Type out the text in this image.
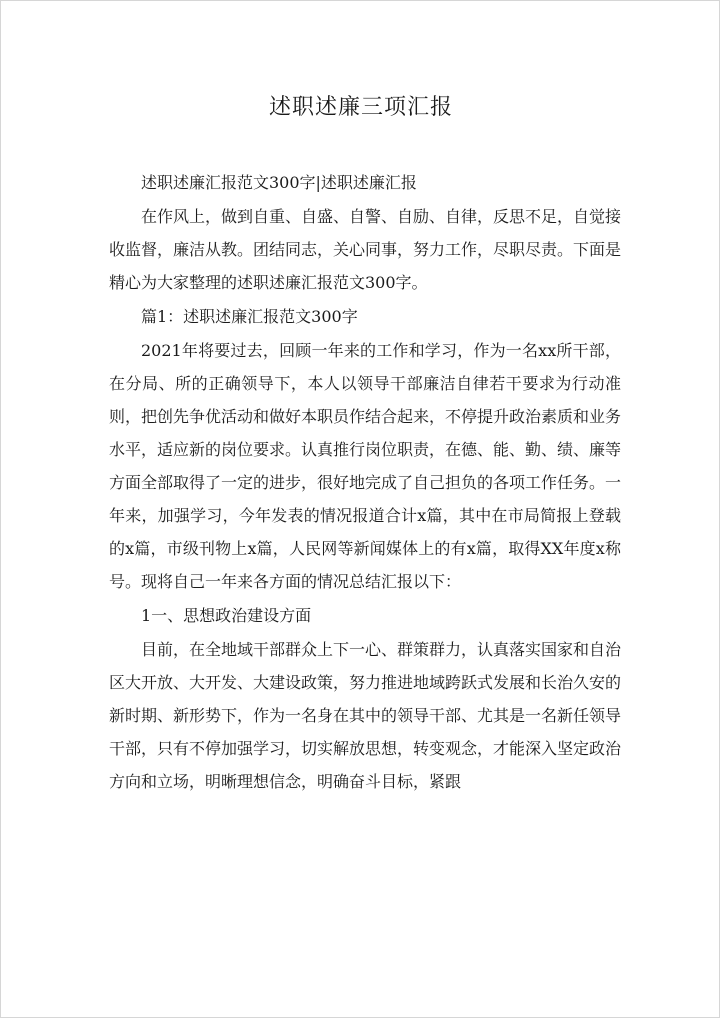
述职述廉三项汇报

述职述廉汇报范文300字|述职述廉汇报

在作风上，做到自重、自盛、自警、自励、自律，反思不足，自觉接收监督，廉洁从教。团结同志，关心同事，努力工作，尽职尽责。下面是精心为大家整理的述职述廉汇报范文300字。

篇1：述职述廉汇报范文300字

2021年将要过去，回顾一年来的工作和学习，作为一名xx所干部，在分局、所的正确领导下，本人以领导干部廉洁自律若干要求为行动准则，把创先争优活动和做好本职员作结合起来，不停提升政治素质和业务水平，适应新的岗位要求。认真推行岗位职责，在德、能、勤、绩、廉等方面全部取得了一定的进步，很好地完成了自己担负的各项工作任务。一年来，加强学习，今年发表的情况报道合计x篇，其中在市局简报上登载的x篇，市级刊物上x篇，人民网等新闻媒体上的有x篇，取得XX年度x称号。现将自己一年来各方面的情况总结汇报以下：

1一、思想政治建设方面

目前，在全地域干部群众上下一心、群策群力，认真落实国家和自治区大开放、大开发、大建设政策，努力推进地域跨跃式发展和长治久安的新时期、新形势下，作为一名身在其中的领导干部、尤其是一名新任领导干部，只有不停加强学习，切实解放思想，转变观念，才能深入坚定政治方向和立场，明晰理想信念，明确奋斗目标，紧跟
